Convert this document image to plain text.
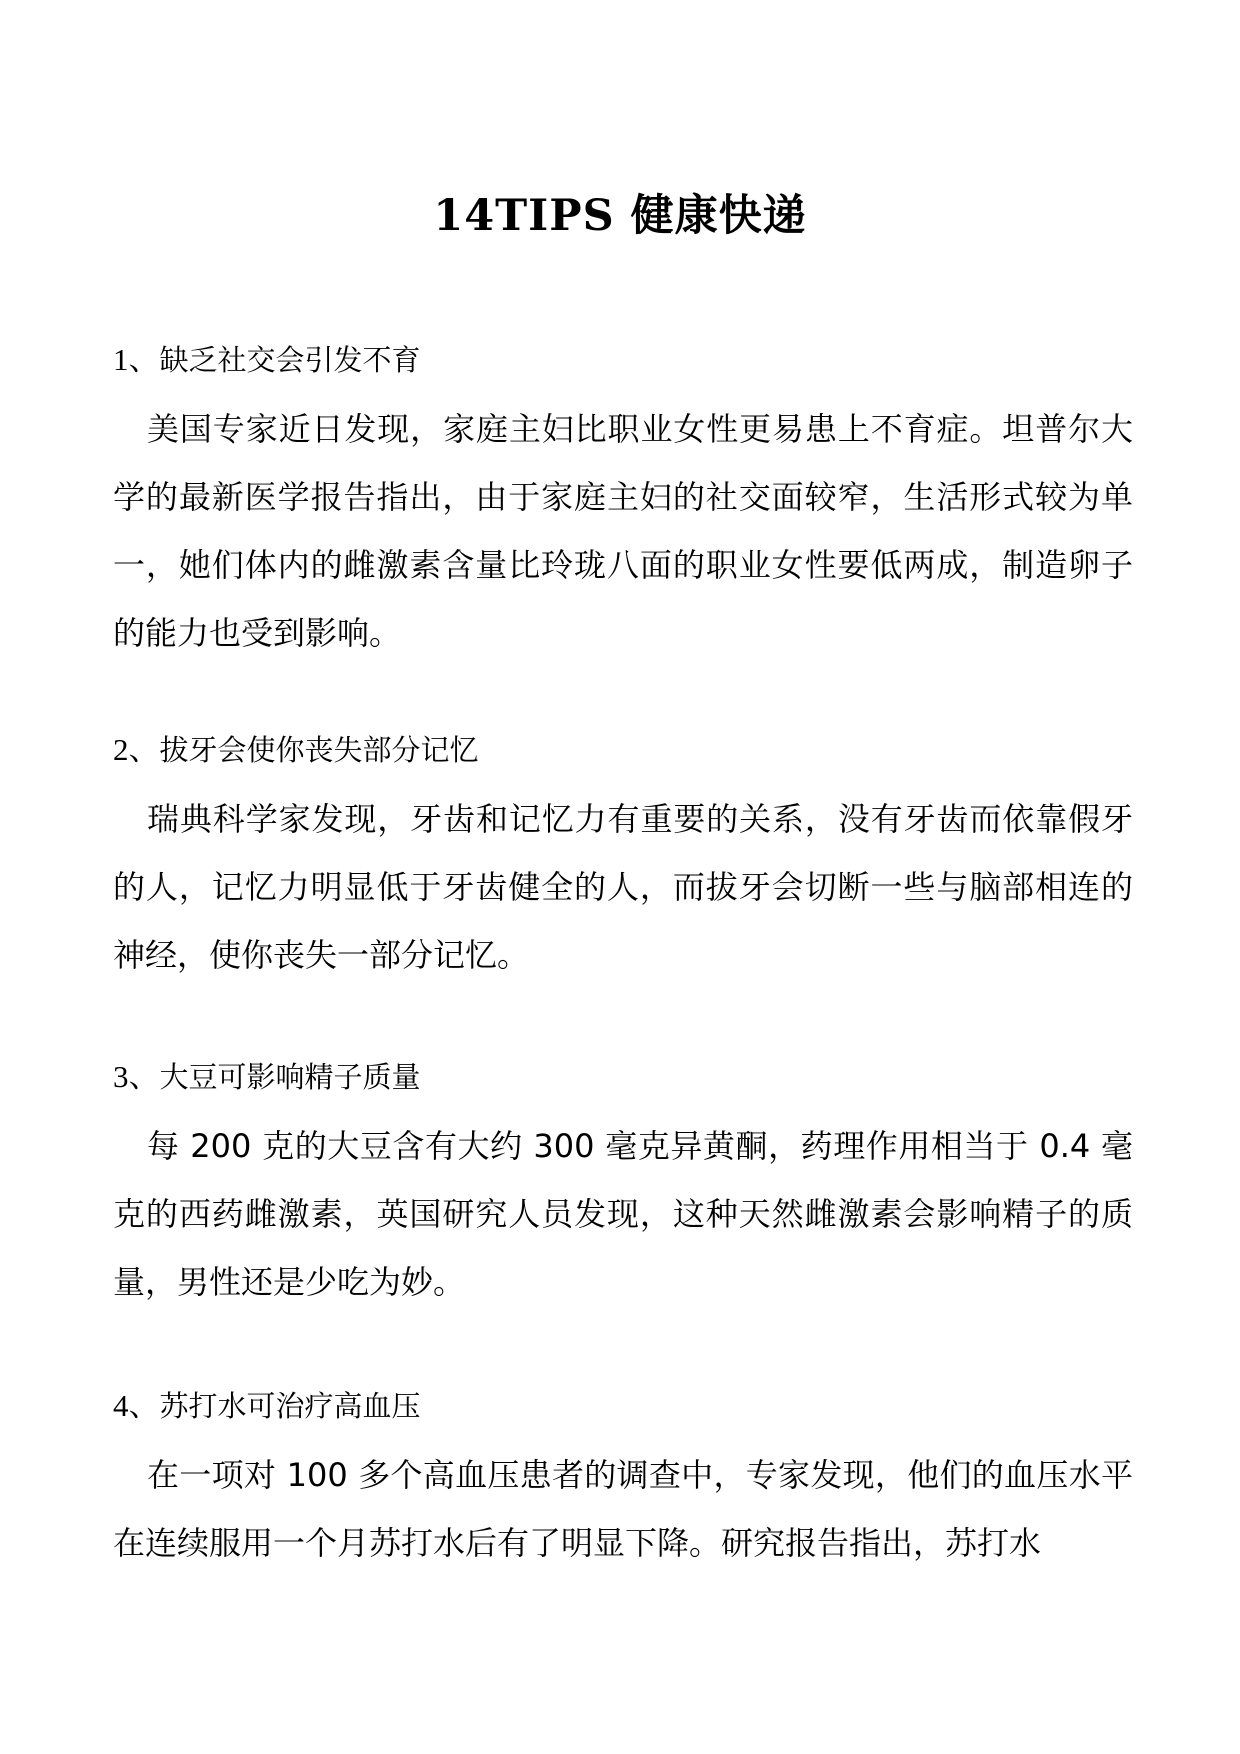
14TIPS 健康快递

1、缺乏社交会引发不育

美国专家近日发现，家庭主妇比职业女性更易患上不育症。坦普尔大学的最新医学报告指出，由于家庭主妇的社交面较窄，生活形式较为单一，她们体内的雌激素含量比玲珑八面的职业女性要低两成，制造卵子的能力也受到影响。

2、拔牙会使你丧失部分记忆

瑞典科学家发现，牙齿和记忆力有重要的关系，没有牙齿而依靠假牙的人，记忆力明显低于牙齿健全的人，而拔牙会切断一些与脑部相连的神经，使你丧失一部分记忆。

3、大豆可影响精子质量

每 200 克的大豆含有大约 300 毫克异黄酮，药理作用相当于 0.4 毫克的西药雌激素，英国研究人员发现，这种天然雌激素会影响精子的质量，男性还是少吃为妙。

4、苏打水可治疗高血压

在一项对 100 多个高血压患者的调查中，专家发现，他们的血压水平在连续服用一个月苏打水后有了明显下降。研究报告指出，苏打水
